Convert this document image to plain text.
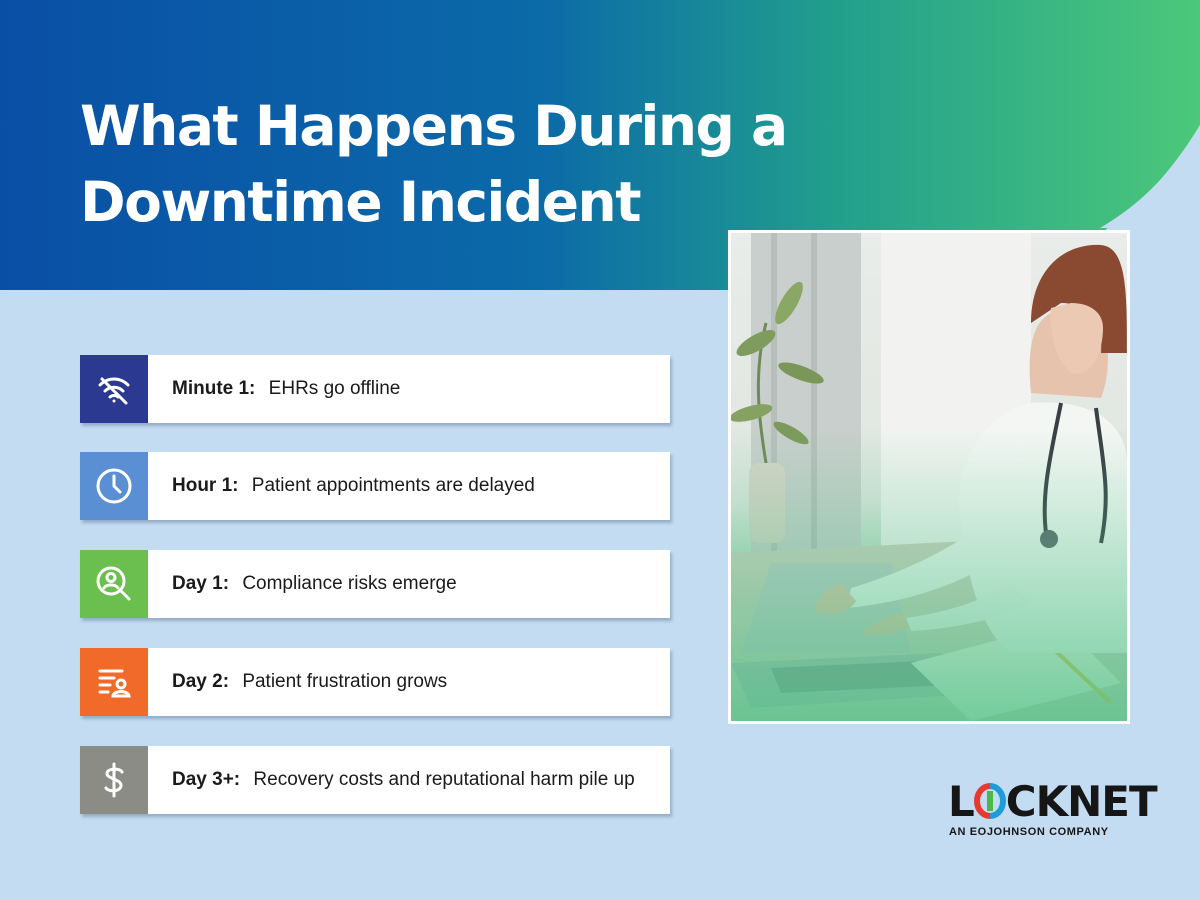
What Happens During a
Downtime Incident
Minute 1: EHRs go offline
Hour 1: Patient appointments are delayed
Day 1: Compliance risks emerge
Day 2: Patient frustration grows
Day 3+: Recovery costs and reputational harm pile up	L CKNET
AN EOJOHNSON COMPANY
